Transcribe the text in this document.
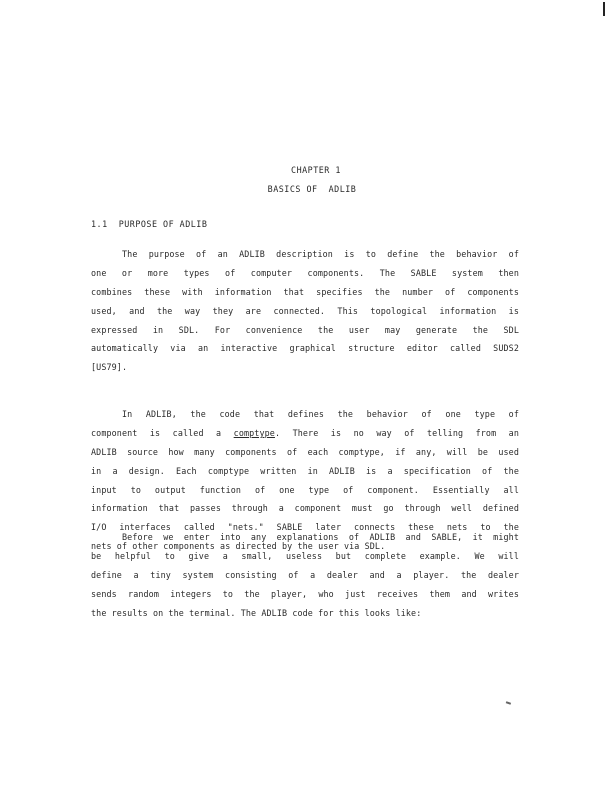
CHAPTER 1
BASICS OF  ADLIB
1.1  PURPOSE OF ADLIB
The purpose of an ADLIB description is to define the behavior of
one or more types of computer components. The SABLE system then
combines these with information that specifies the number of components
used, and the way they are connected. This topological information is
expressed in SDL. For convenience the user may generate the SDL
automatically via an interactive graphical structure editor called SUDS2
[US79].
In ADLIB, the code that defines the behavior of one type of
component is called a comptype. There is no way of telling from an
ADLIB source how many components of each comptype, if any, will be used
in a design. Each comptype written in ADLIB is a specification of the
input to output function of one type of component. Essentially all
information that passes through a component must go through well defined
I/O interfaces called "nets." SABLE later connects these nets to the
nets of other components as directed by the user via SDL.
Before we enter into any explanations of ADLIB and SABLE, it might
be helpful to give a small, useless but complete example. We will
define a tiny system consisting of a dealer and a player. the dealer
sends random integers to the player, who just receives them and writes
the results on the terminal. The ADLIB code for this looks like:
